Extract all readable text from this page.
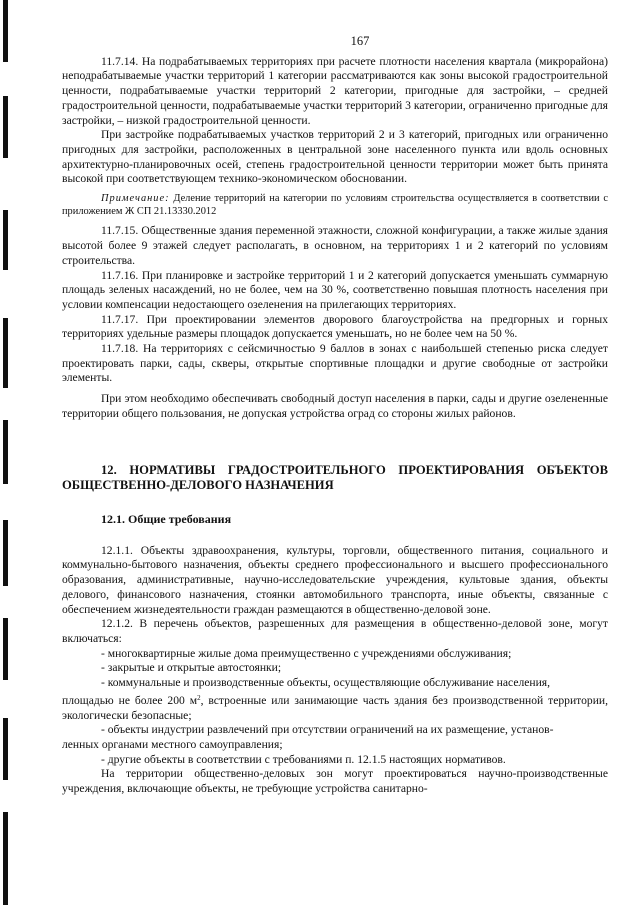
167

11.7.14. На подрабатываемых территориях при расчете плотности населения квартала (микрорайона) неподрабатываемые участки территорий 1 категории рассматриваются как зоны высокой градостроительной ценности, подрабатываемые участки территорий 2 категории, пригодные для застройки, – средней градостроительной ценности, подрабатываемые участки территорий 3 категории, ограниченно пригодные для застройки, – низкой градостроительной ценности.

При застройке подрабатываемых участков территорий 2 и 3 категорий, пригодных или ограниченно пригодных для застройки, расположенных в центральной зоне населенного пункта или вдоль основных архитектурно-планировочных осей, степень градостроительной ценности территории может быть принята высокой при соответствующем технико-экономическом обосновании.

Примечание: Деление территорий на категории по условиям строительства осуществляется в соответствии с приложением Ж СП 21.13330.2012

11.7.15. Общественные здания переменной этажности, сложной конфигурации, а также жилые здания высотой более 9 этажей следует располагать, в основном, на территориях 1 и 2 категорий по условиям строительства.

11.7.16. При планировке и застройке территорий 1 и 2 категорий допускается уменьшать суммарную площадь зеленых насаждений, но не более, чем на 30 %, соответственно повышая плотность населения при условии компенсации недостающего озеленения на прилегающих территориях.

11.7.17. При проектировании элементов дворового благоустройства на предгорных и горных территориях удельные размеры площадок допускается уменьшать, но не более чем на 50 %.

11.7.18. На территориях с сейсмичностью 9 баллов в зонах с наибольшей степенью риска следует проектировать парки, сады, скверы, открытые спортивные площадки и другие свободные от застройки элементы.

При этом необходимо обеспечивать свободный доступ населения в парки, сады и другие озелененные территории общего пользования, не допуская устройства оград со стороны жилых районов.

12. НОРМАТИВЫ ГРАДОСТРОИТЕЛЬНОГО ПРОЕКТИРОВАНИЯ ОБЪЕКТОВ ОБЩЕСТВЕННО-ДЕЛОВОГО НАЗНАЧЕНИЯ
12.1. Общие требования

12.1.1. Объекты здравоохранения, культуры, торговли, общественного питания, социального и коммунально-бытового назначения, объекты среднего профессионального и высшего профессионального образования, административные, научно-исследовательские учреждения, культовые здания, объекты делового, финансового назначения, стоянки автомобильного транспорта, иные объекты, связанные с обеспечением жизнедеятельности граждан размещаются в общественно-деловой зоне.

12.1.2. В перечень объектов, разрешенных для размещения в общественно-деловой зоне, могут включаться:

- многоквартирные жилые дома преимущественно с учреждениями обслуживания;
- закрытые и открытые автостоянки;
- коммунальные и производственные объекты, осуществляющие обслуживание населения,

площадью не более 200 $м^2$, встроенные или занимающие часть здания без производственной территории, экологически безопасные;

- объекты индустрии развлечений при отсутствии ограничений на их размещение, установ-

ленных органами местного самоуправления;

- другие объекты в соответствии с требованиями п. 12.1.5 настоящих нормативов.

На территории общественно-деловых зон могут проектироваться научно-производственные учреждения, включающие объекты, не требующие устройства санитарно-
